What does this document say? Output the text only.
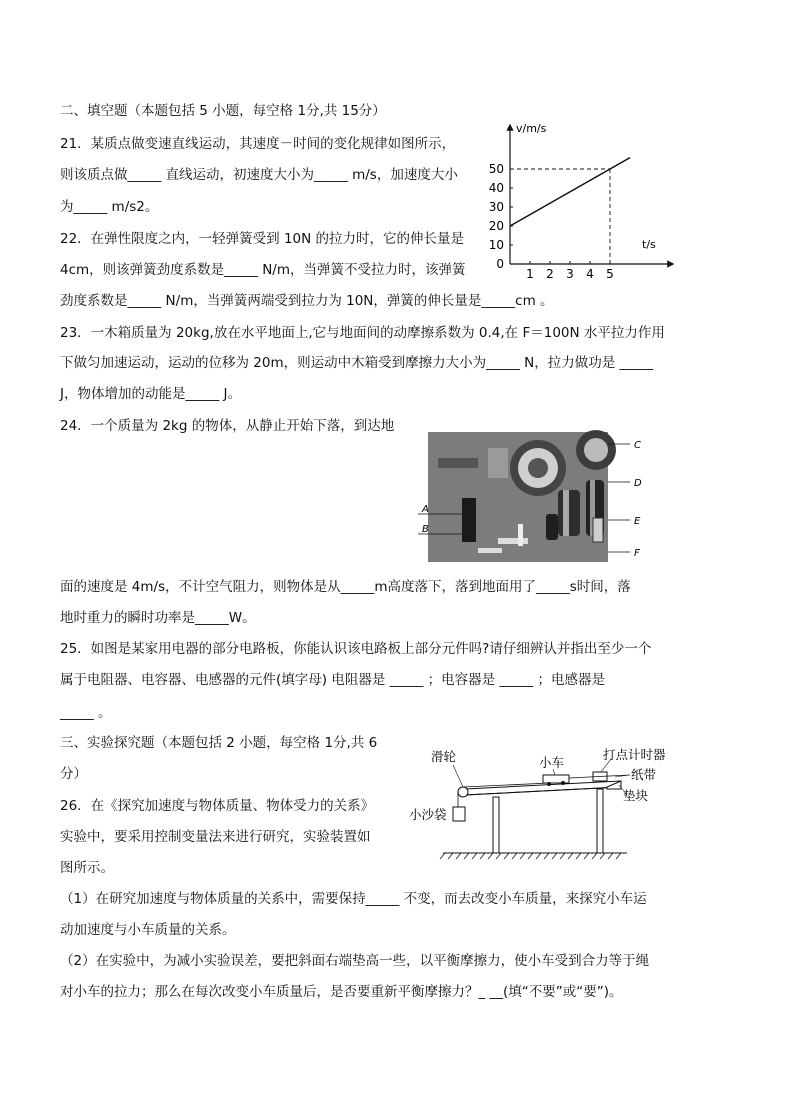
二、填空题（本题包括 5 小题，每空格 1分,共 15分）
21．某质点做变速直线运动，其速度－时间的变化规律如图所示，
则该质点做_____ 直线运动，初速度大小为_____ m/s，加速度大小
为_____ m/s2。
22．在弹性限度之内，一轻弹簧受到 10N 的拉力时，它的伸长量是
4cm，则该弹簧劲度系数是_____ N/m，当弹簧不受拉力时，该弹簧
劲度系数是_____ N/m，当弹簧两端受到拉力为 10N，弹簧的伸长量是_____cm 。
23．一木箱质量为 20kg,放在水平地面上,它与地面间的动摩擦系数为 0.4,在 F＝100N 水平拉力作用
下做匀加速运动，运动的位移为 20m，则运动中木箱受到摩擦力大小为_____ N，拉力做功是 _____
J，物体增加的动能是_____ J。
24．一个质量为 2kg 的物体，从静止开始下落，到达地
面的速度是 4m/s，不计空气阻力，则物体是从_____m高度落下，落到地面用了_____s时间，落
地时重力的瞬时功率是_____W。
25．如图是某家用电器的部分电路板，你能认识该电路板上部分元件吗?请仔细辨认并指出至少一个
属于电阻器、电容器、电感器的元件(填字母) 电阻器是 _____ ；电容器是 _____ ；电感器是
_____ 。
三、实验探究题（本题包括 2 小题，每空格 1分,共 6
分）
26．在《探究加速度与物体质量、物体受力的关系》
实验中，要采用控制变量法来进行研究，实验装置如
图所示。
（1）在研究加速度与物体质量的关系中，需要保持_____ 不变，而去改变小车质量，来探究小车运
动加速度与小车质量的关系。
（2）在实验中，为减小实验误差，要把斜面右端垫高一些，以平衡摩擦力，使小车受到合力等于绳
对小车的拉力；那么在每次改变小车质量后，是否要重新平衡摩擦力？_ __(填“不要”或“要”)。
v/m/s
t/s
0
10
20
30
40
50
1 2 3 4 5
A
B
C
D
E
F
滑轮	小车
打点计时器
纸带
垫块
小沙袋
